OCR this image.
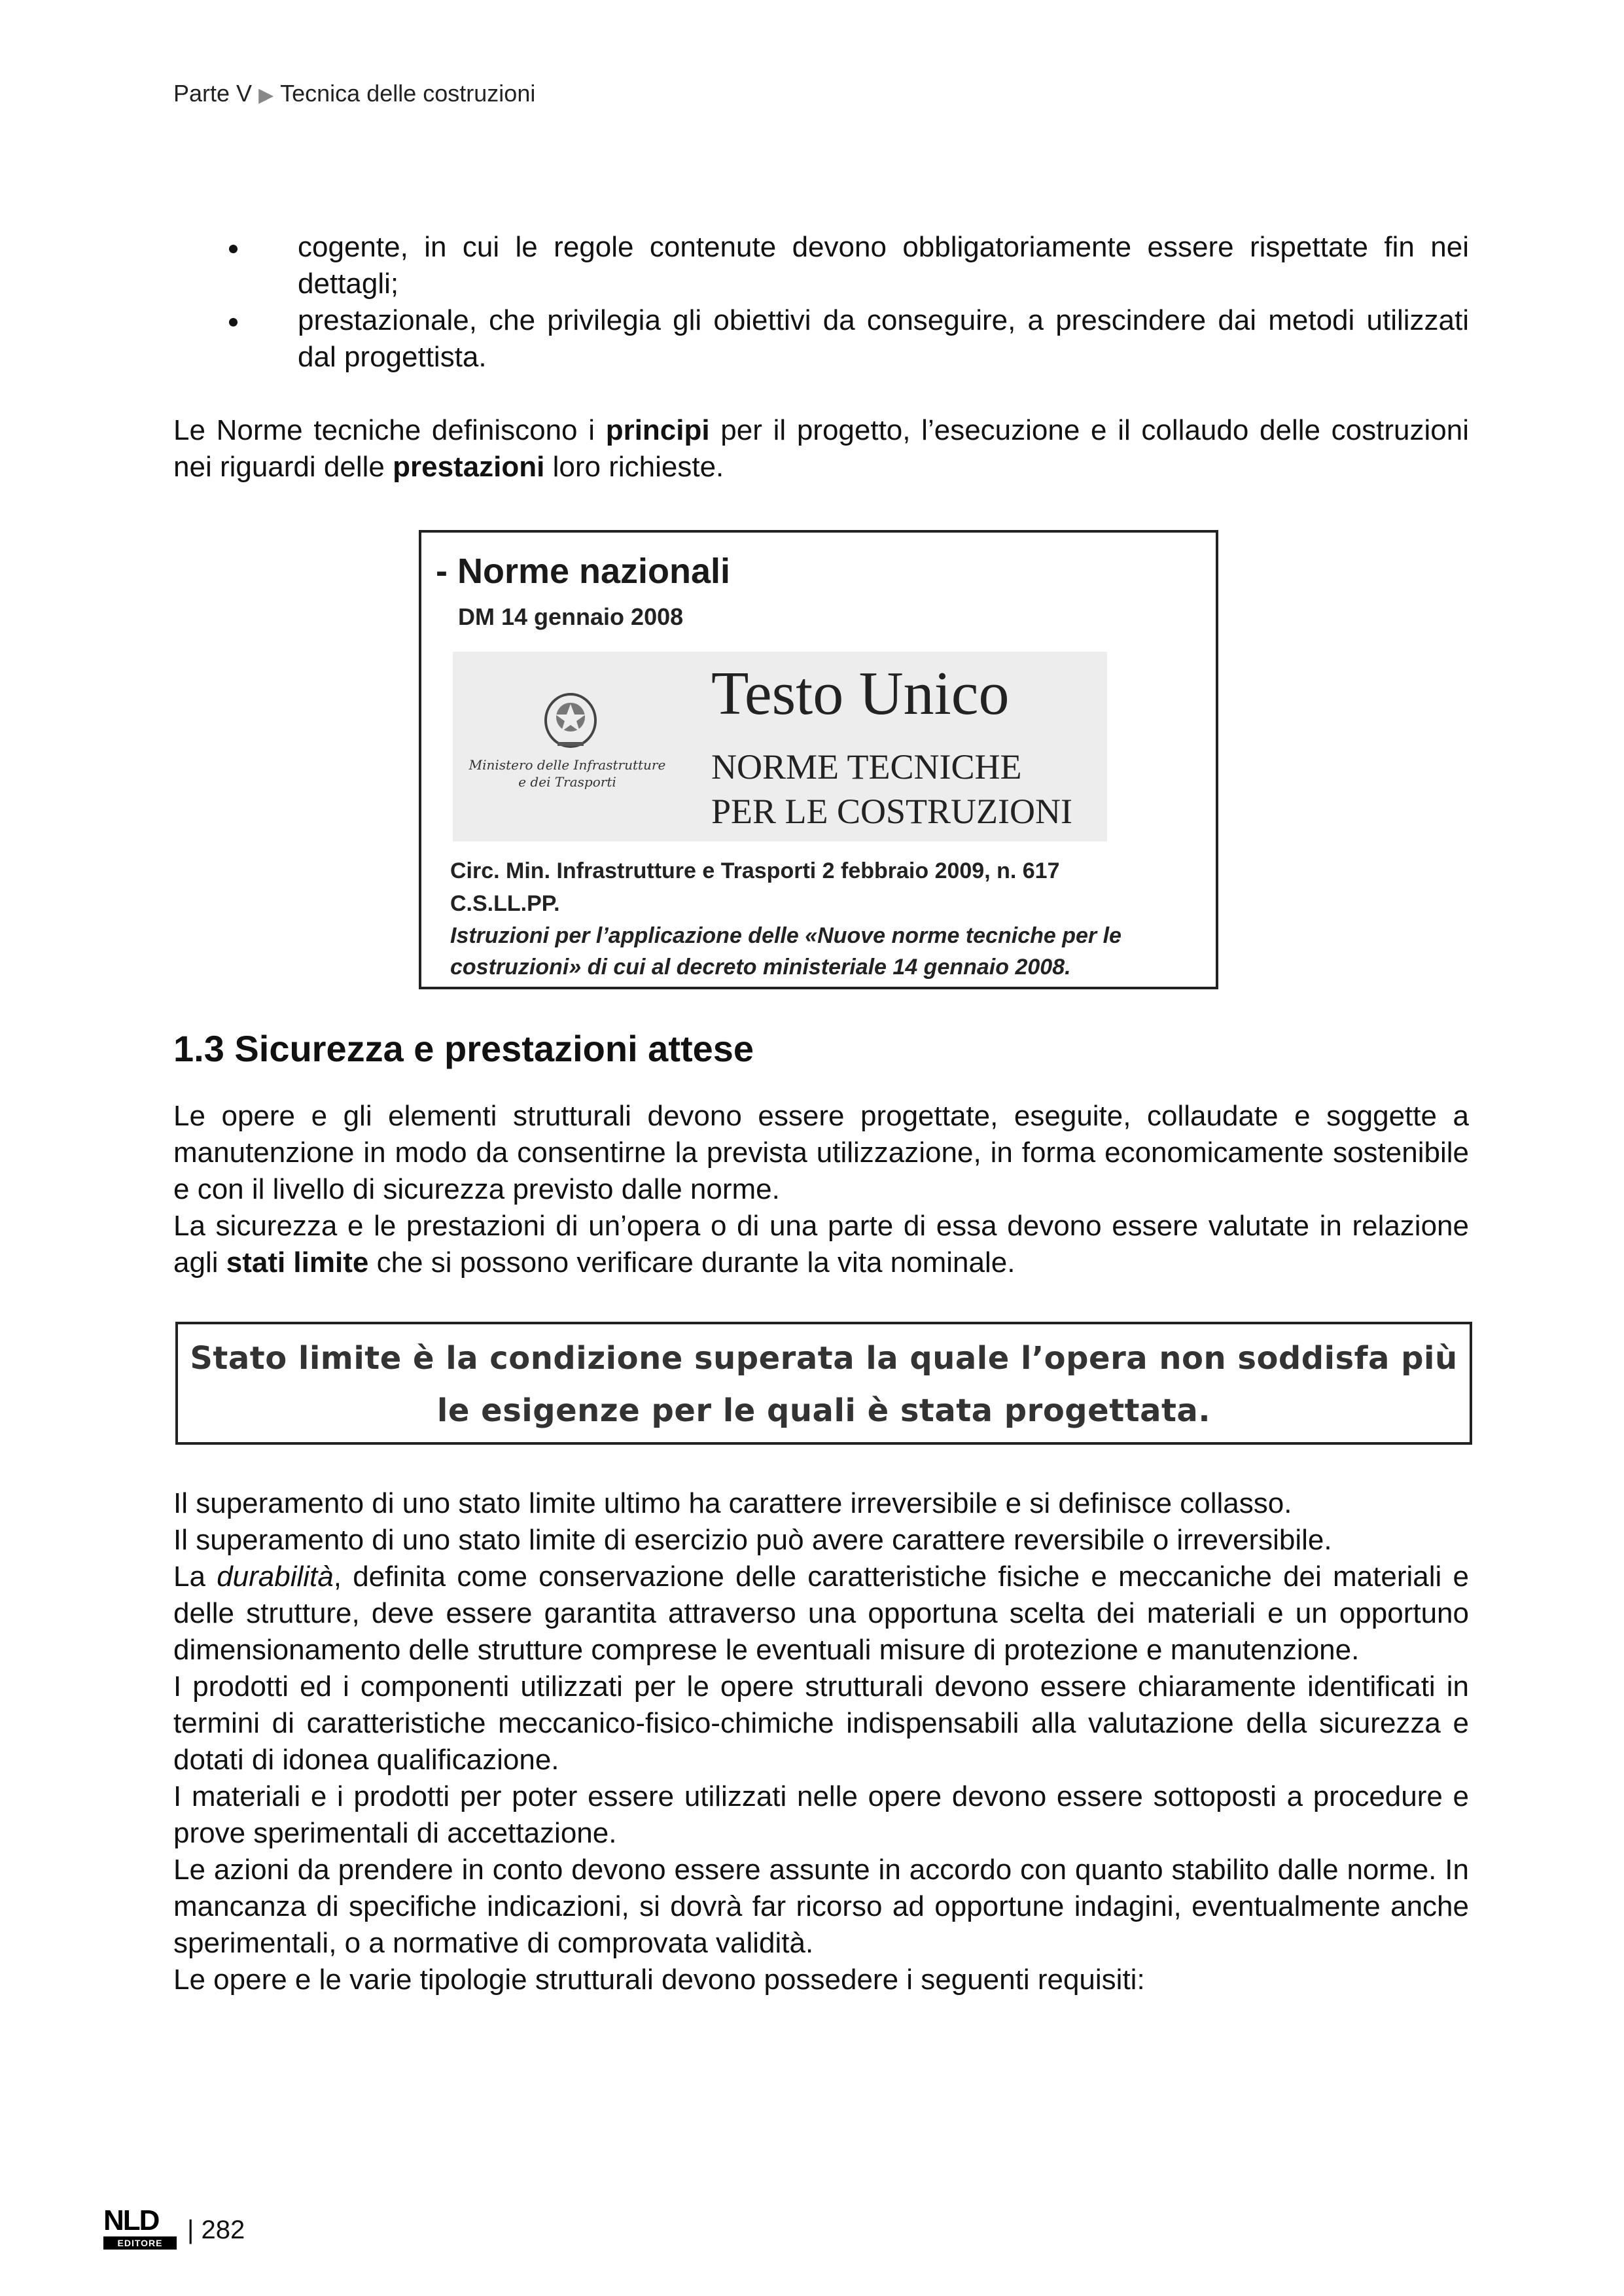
Parte V ▶ Tecnica delle costruzioni
cogente, in cui le regole contenute devono obbligatoriamente essere rispettate fin nei dettagli;
prestazionale, che privilegia gli obiettivi da conseguire, a prescindere dai metodi utilizzati dal progettista.
Le Norme tecniche definiscono i principi per il progetto, l’esecuzione e il collaudo delle costruzioni nei riguardi delle prestazioni loro richieste.
- Norme nazionali
DM 14 gennaio 2008
Ministero delle Infrastrutture
e dei Trasporti
Testo Unico
NORME TECNICHE
PER LE COSTRUZIONI
Circ. Min. Infrastrutture e Trasporti 2 febbraio 2009, n. 617
C.S.LL.PP.
Istruzioni per l’applicazione delle «Nuove norme tecniche per le
costruzioni» di cui al decreto ministeriale 14 gennaio 2008.
1.3 Sicurezza e prestazioni attese
Le opere e gli elementi strutturali devono essere progettate, eseguite, collaudate e soggette a manutenzione in modo da consentirne la prevista utilizzazione, in forma economicamente sostenibile e con il livello di sicurezza previsto dalle norme.
La sicurezza e le prestazioni di un’opera o di una parte di essa devono essere valutate in relazione agli stati limite che si possono verificare durante la vita nominale.
Stato limite è la condizione superata la quale l’opera non soddisfa più
le esigenze per le quali è stata progettata.
Il superamento di uno stato limite ultimo ha carattere irreversibile e si definisce collasso.
Il superamento di uno stato limite di esercizio può avere carattere reversibile o irreversibile.
La durabilità, definita come conservazione delle caratteristiche fisiche e meccaniche dei materiali e delle strutture, deve essere garantita attraverso una opportuna scelta dei materiali e un opportuno dimensionamento delle strutture comprese le eventuali misure di protezione e manutenzione.
I prodotti ed i componenti utilizzati per le opere strutturali devono essere chiaramente identificati in termini di caratteristiche meccanico-fisico-chimiche indispensabili alla valutazione della sicurezza e dotati di idonea qualificazione.
I materiali e i prodotti per poter essere utilizzati nelle opere devono essere sottoposti a procedure e prove sperimentali di accettazione.
Le azioni da prendere in conto devono essere assunte in accordo con quanto stabilito dalle norme. In mancanza di specifiche indicazioni, si dovrà far ricorso ad opportune indagini, eventualmente anche sperimentali, o a normative di comprovata validità.
Le opere e le varie tipologie strutturali devono possedere i seguenti requisiti:
NLD
EDITORE | 282
